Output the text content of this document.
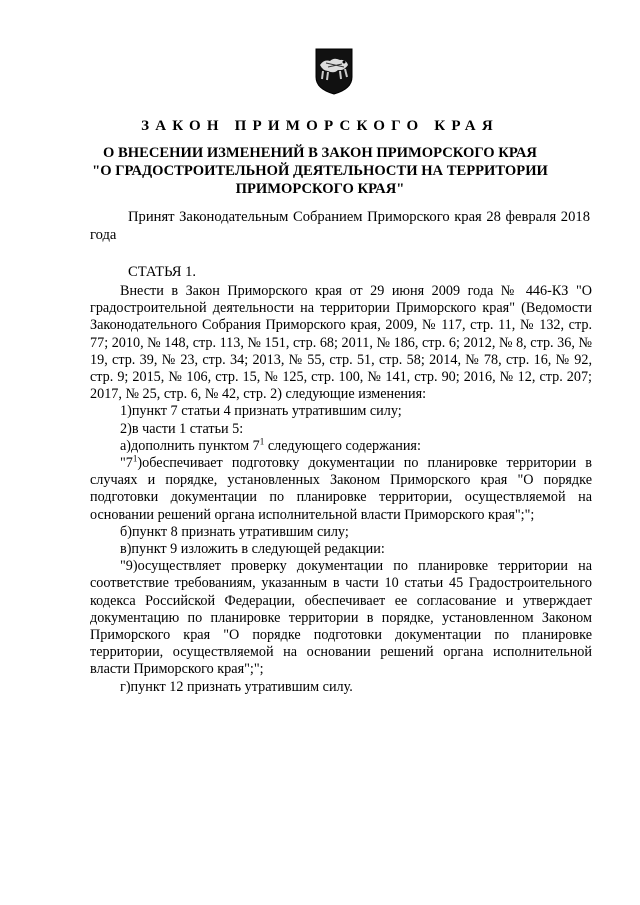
ЗАКОН ПРИМОРСКОГО КРАЯ
О ВНЕСЕНИИ ИЗМЕНЕНИЙ В ЗАКОН ПРИМОРСКОГО КРАЯ
"О ГРАДОСТРОИТЕЛЬНОЙ ДЕЯТЕЛЬНОСТИ НА ТЕРРИТОРИИ
ПРИМОРСКОГО КРАЯ"
Принят Законодательным Собранием Приморского края 28 февраля 2018 года
СТАТЬЯ 1.

Внести в Закон Приморского края от 29 июня 2009 года № 446-КЗ "О градостроительной деятельности на территории Приморского края" (Ведомости Законодательного Собрания Приморского края, 2009, № 117, стр. 11, № 132, стр. 77; 2010, № 148, стр. 113, № 151, стр. 68; 2011, № 186, стр. 6; 2012, № 8, стр. 36, № 19, стр. 39, № 23, стр. 34; 2013, № 55, стр. 51, стр. 58; 2014, № 78, стр. 16, № 92, стр. 9; 2015, № 106, стр. 15, № 125, стр. 100, № 141, стр. 90; 2016, № 12, стр. 207; 2017, № 25, стр. 6, № 42, стр. 2) следующие изменения:

1)пункт 7 статьи 4 признать утратившим силу;

2)в части 1 статьи 5:

а)дополнить пунктом $7^1$ следующего содержания:

"$7^1)обеспечивает$ подготовку документации по планировке территории в случаях и порядке, установленных Законом Приморского края "О порядке подготовки документации по планировке территории, осуществляемой на основании решений органа исполнительной власти Приморского края";";

б)пункт 8 признать утратившим силу;

в)пункт 9 изложить в следующей редакции:

"9)осуществляет проверку документации по планировке территории на соответствие требованиям, указанным в части 10 статьи 45 Градостроительного кодекса Российской Федерации, обеспечивает ее согласование и утверждает документацию по планировке территории в порядке, установленном Законом Приморского края "О порядке подготовки документации по планировке территории, осуществляемой на основании решений органа исполнительной власти Приморского края";";

г)пункт 12 признать утратившим силу.
